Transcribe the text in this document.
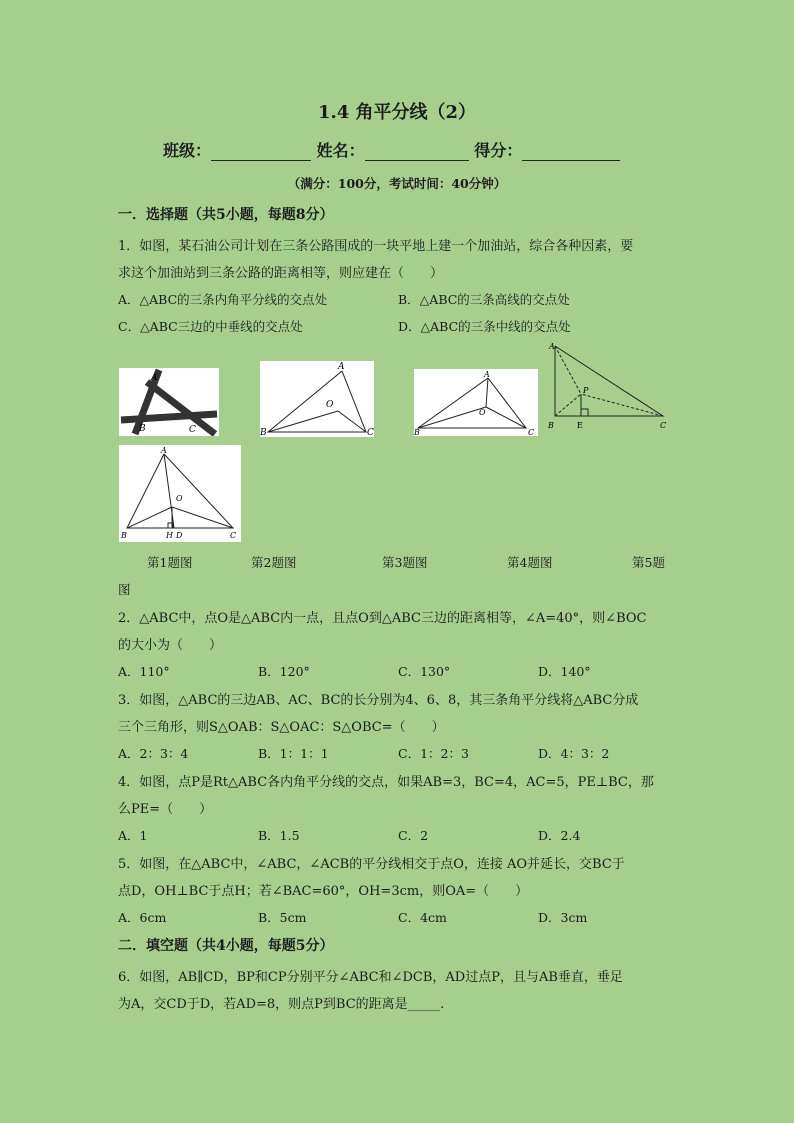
1.4 角平分线（2）
班级：	姓名：	得分：
（满分：100分，考试时间：40分钟）
一．选择题（共5小题，每题8分）
1．如图，某石油公司计划在三条公路围成的一块平地上建一个加油站，综合各种因素，要
求这个加油站到三条公路的距离相等，则应建在（　　）
A．△ABC的三条内角平分线的交点处	B．△ABC的三条高线的交点处
C．△ABC三边的中垂线的交点处	D．△ABC的三条中线的交点处
A
B	C
A
O
B	C
A
O
B	C
A
P
B	E	C
A
O
B	H D	C
第1题图	第2题图	第3题图	第4题图	第5题
图
2．△ABC中，点O是△ABC内一点，且点O到△ABC三边的距离相等，∠A=40°，则∠BOC
的大小为（　　）
A．110°	B．120°	C．130°	D．140°
3．如图，△ABC的三边AB、AC、BC的长分别为4、6、8，其三条角平分线将△ABC分成
三个三角形，则S△OAB：S△OAC：S△OBC=（　　）
A．2：3：4	B．1：1：1	C．1：2：3	D．4：3：2
4．如图，点P是Rt△ABC各内角平分线的交点，如果AB=3，BC=4，AC=5，PE⊥BC，那
么PE=（　　）
A．1	B．1.5	C．2	D．2.4
5．如图，在△ABC中，∠ABC，∠ACB的平分线相交于点O，连接 AO并延长，交BC于
点D，OH⊥BC于点H；若∠BAC=60°，OH=3cm，则OA=（　　）
A．6cm	B．5cm	C．4cm	D．3cm
二．填空题（共4小题，每题5分）
6．如图，AB∥CD，BP和CP分别平分∠ABC和∠DCB，AD过点P，且与AB垂直，垂足
为A，交CD于D，若AD=8，则点P到BC的距离是_____.
